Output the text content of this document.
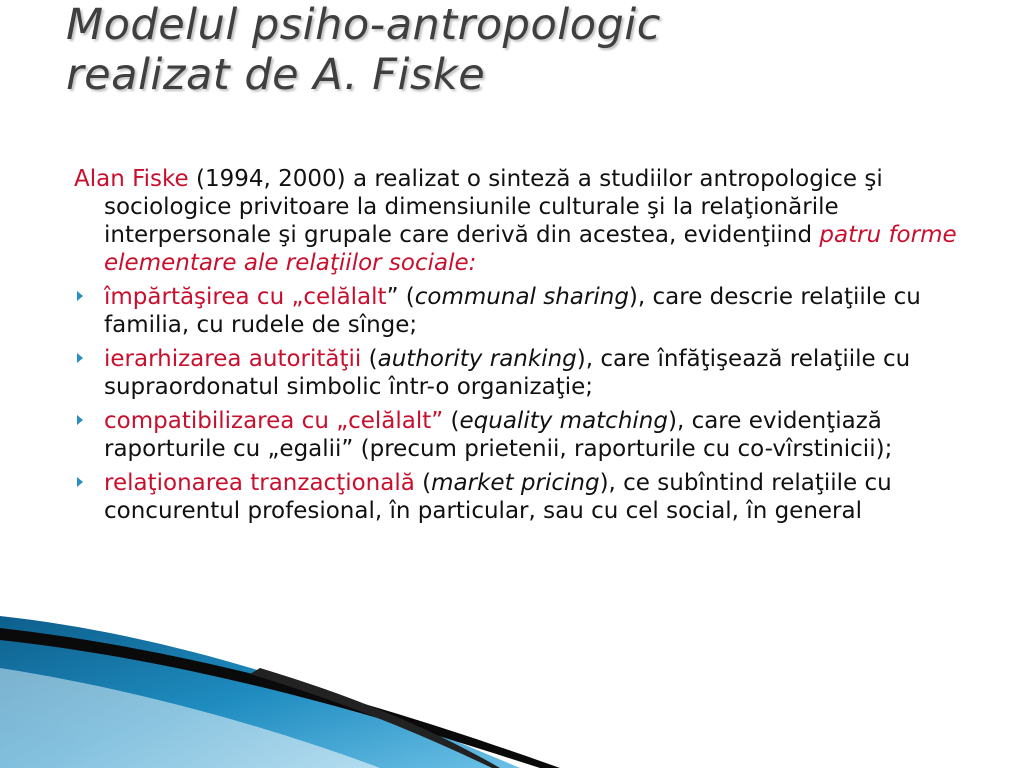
Modelul psiho-antropologic
realizat de A. Fiske

Alan Fiske (1994, 2000) a realizat o sinteză a studiilor antropologice şi sociologice privitoare la dimensiunile culturale şi la relaţionările interpersonale şi grupale care derivă din acestea, evidenţiind patru forme elementare ale relaţiilor sociale:

împărtăşirea cu „celălalt” (communal sharing), care descrie relaţiile cu familia, cu rudele de sînge;

ierarhizarea autorităţii (authority ranking), care înfăţişează relaţiile cu supraordonatul simbolic într-o organizaţie;

compatibilizarea cu „celălalt” (equality matching), care evidenţiază raporturile cu „egalii” (precum prietenii, raporturile cu co-vîrstinicii);

relaţionarea tranzacţională (market pricing), ce subîntind relaţiile cu concurentul profesional, în particular, sau cu cel social, în general
